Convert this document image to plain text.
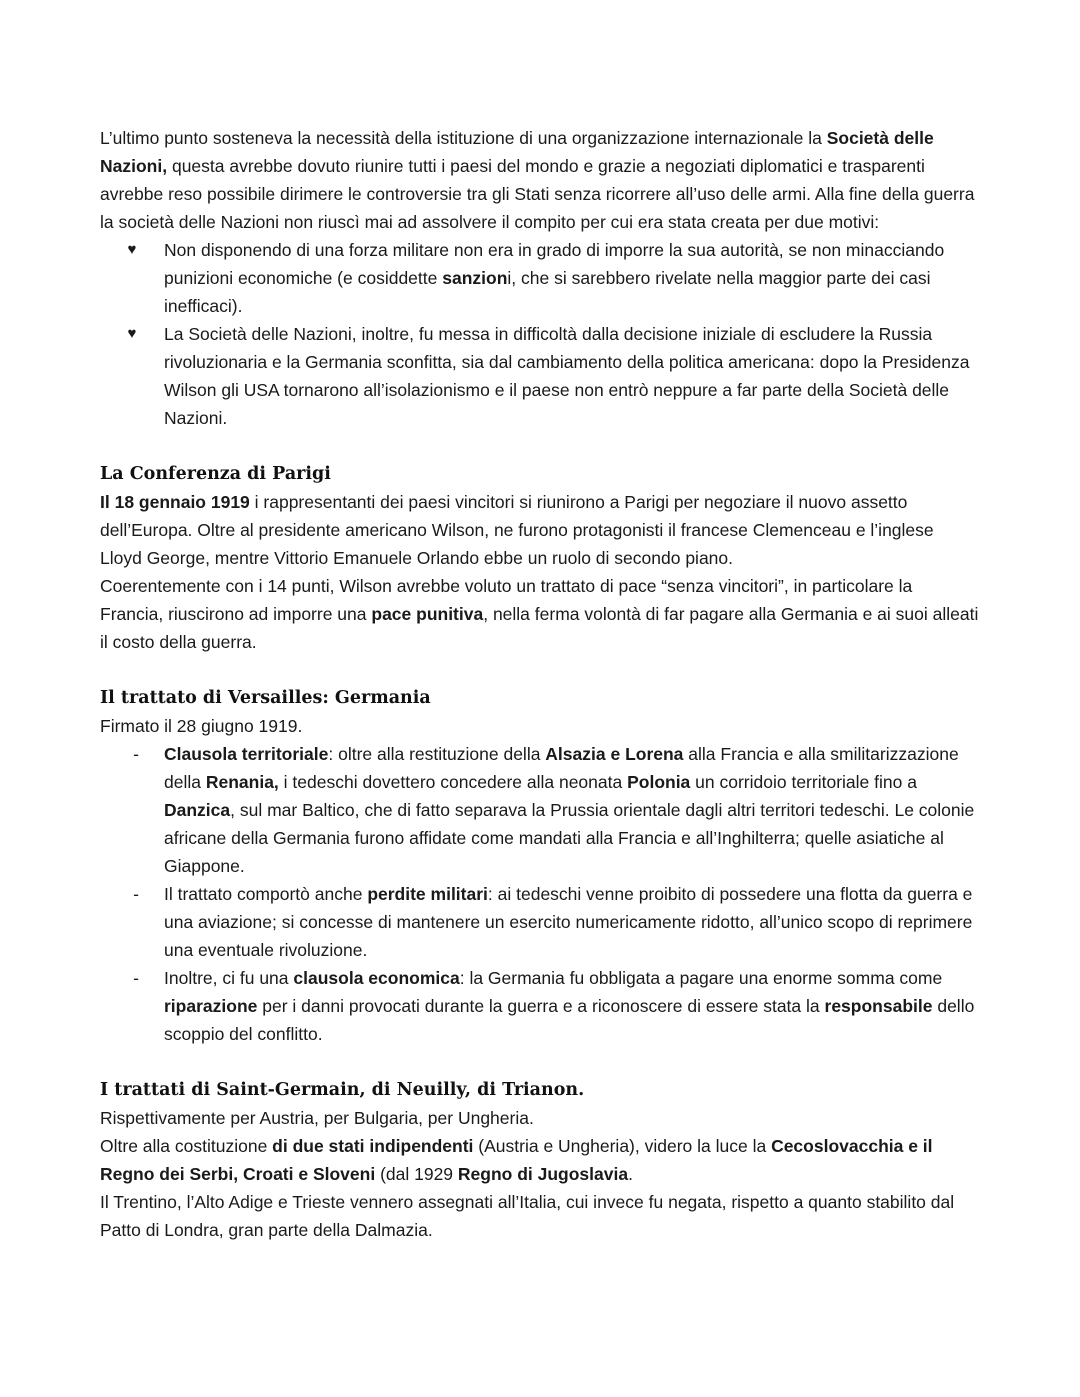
L’ultimo punto sosteneva la necessità della istituzione di una organizzazione internazionale la Società delle Nazioni, questa avrebbe dovuto riunire tutti i paesi del mondo e grazie a negoziati diplomatici e trasparenti avrebbe reso possibile dirimere le controversie tra gli Stati senza ricorrere all’uso delle armi. Alla fine della guerra la società delle Nazioni non riuscì mai ad assolvere il compito per cui era stata creata per due motivi:

♥	Non disponendo di una forza militare non era in grado di imporre la sua autorità, se non minacciando punizioni economiche (e cosiddette sanzioni, che si sarebbero rivelate nella maggior parte dei casi inefficaci).
♥	La Società delle Nazioni, inoltre, fu messa in difficoltà dalla decisione iniziale di escludere la Russia rivoluzionaria e la Germania sconfitta, sia dal cambiamento della politica americana: dopo la Presidenza Wilson gli USA tornarono all’isolazionismo e il paese non entrò neppure a far parte della Società delle Nazioni.
La Conferenza di Parigi

Il 18 gennaio 1919 i rappresentanti dei paesi vincitori si riunirono a Parigi per negoziare il nuovo assetto dell’Europa. Oltre al presidente americano Wilson, ne furono protagonisti il francese Clemenceau e l’inglese Lloyd George, mentre Vittorio Emanuele Orlando ebbe un ruolo di secondo piano.

Coerentemente con i 14 punti, Wilson avrebbe voluto un trattato di pace “senza vincitori”, in particolare la Francia, riuscirono ad imporre una pace punitiva, nella ferma volontà di far pagare alla Germania e ai suoi alleati il costo della guerra.

Il trattato di Versailles: Germania

Firmato il 28 giugno 1919.

-	Clausola territoriale: oltre alla restituzione della Alsazia e Lorena alla Francia e alla smilitarizzazione della Renania, i tedeschi dovettero concedere alla neonata Polonia un corridoio territoriale fino a Danzica, sul mar Baltico, che di fatto separava la Prussia orientale dagli altri territori tedeschi. Le colonie africane della Germania furono affidate come mandati alla Francia e all’Inghilterra; quelle asiatiche al Giappone.
-	Il trattato comportò anche perdite militari: ai tedeschi venne proibito di possedere una flotta da guerra e una aviazione; si concesse di mantenere un esercito numericamente ridotto, all’unico scopo di reprimere una eventuale rivoluzione.
-	Inoltre, ci fu una clausola economica: la Germania fu obbligata a pagare una enorme somma come riparazione per i danni provocati durante la guerra e a riconoscere di essere stata la responsabile dello scoppio del conflitto.
I trattati di Saint-Germain, di Neuilly, di Trianon.

Rispettivamente per Austria, per Bulgaria, per Ungheria.

Oltre alla costituzione di due stati indipendenti (Austria e Ungheria), videro la luce la Cecoslovacchia e il Regno dei Serbi, Croati e Sloveni (dal 1929 Regno di Jugoslavia.

Il Trentino, l’Alto Adige e Trieste vennero assegnati all’Italia, cui invece fu negata, rispetto a quanto stabilito dal Patto di Londra, gran parte della Dalmazia.
